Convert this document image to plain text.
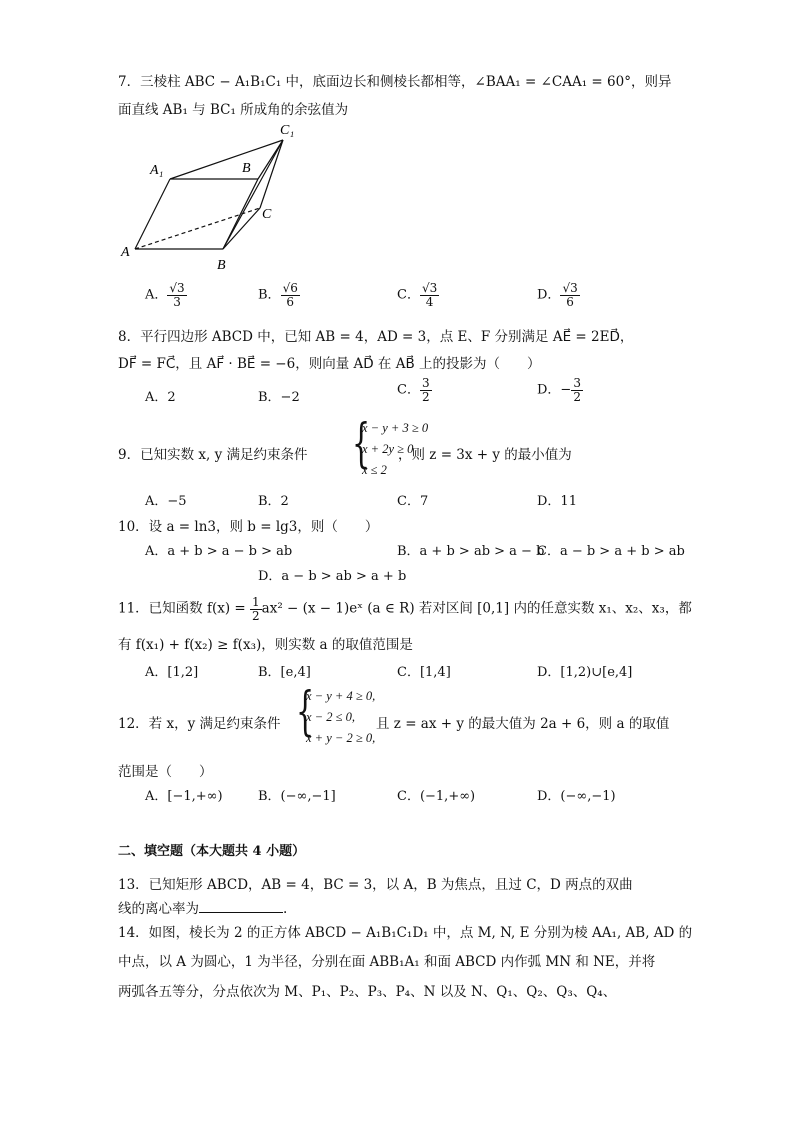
7．三棱柱 ABC − A₁B₁C₁ 中，底面边长和侧棱长都相等，∠BAA₁ = ∠CAA₁ = 60°，则异
面直线 AB₁ 与 BC₁ 所成角的余弦值为
C₁
A₁	B
C
A
B
A． $\frac{√3}{3}$	B． $\frac{√6}{6}$	C． $\frac{√3}{4}$	D． $\frac{√3}{6}$
8．平行四边形 ABCD 中，已知 AB = 4，AD = 3，点 E、F 分别满足 AE⃗ = 2ED⃗，
DF⃗ = FC⃗，且 AF⃗ · BE⃗ = −6，则向量 AD⃗ 在 AB⃗ 上的投影为（　　）
A．2	B．−2	C． $\frac{3}{2}$	D．− $\frac{3}{2}$
9．已知实数 x, y 满足约束条件 {
x − y + 3 ≥ 0
x + 2y ≥ 0
x ≤ 2
，则 z = 3x + y 的最小值为
A．−5	B．2	C．7	D．11
10．设 a = ln3，则 b = lg3，则（　　）
A．a + b > a − b > ab	B．a + b > ab > a − b
C．a − b > a + b > ab
D．a − b > ab > a + b
11．已知函数 $f(x) = \frac{1}{2} ax^2 - (x$ − 1)eˣ (a ∈ R) 若对区间 [0,1] 内的任意实数 x₁、x₂、x₃，都
有 f(x₁) + f(x₂) ≥ f(x₃)，则实数 a 的取值范围是
A．[1,2]	B．[e,4]	C．[1,4]	D．[1,2)∪[e,4]
12．若 x，y 满足约束条件 {
x − y + 4 ≥ 0,
x − 2 ≤ 0,
x + y − 2 ≥ 0,
且 z = ax + y 的最大值为 2a + 6，则 a 的取值
范围是（　　）
A．[−1,+∞)	B．(−∞,−1]	C．(−1,+∞)	D．(−∞,−1)
二、填空题（本大题共 4 小题）
13．已知矩形 ABCD，AB = 4，BC = 3，以 A，B 为焦点，且过 C，D 两点的双曲
线的离心率为	.
14．如图，棱长为 2 的正方体 ABCD − A₁B₁C₁D₁ 中，点 M, N, E 分别为棱 AA₁, AB, AD 的
中点，以 A 为圆心，1 为半径，分别在面 ABB₁A₁ 和面 ABCD 内作弧 MN 和 NE，并将
两弧各五等分，分点依次为 M、P₁、P₂、P₃、P₄、N 以及 N、Q₁、Q₂、Q₃、Q₄、
